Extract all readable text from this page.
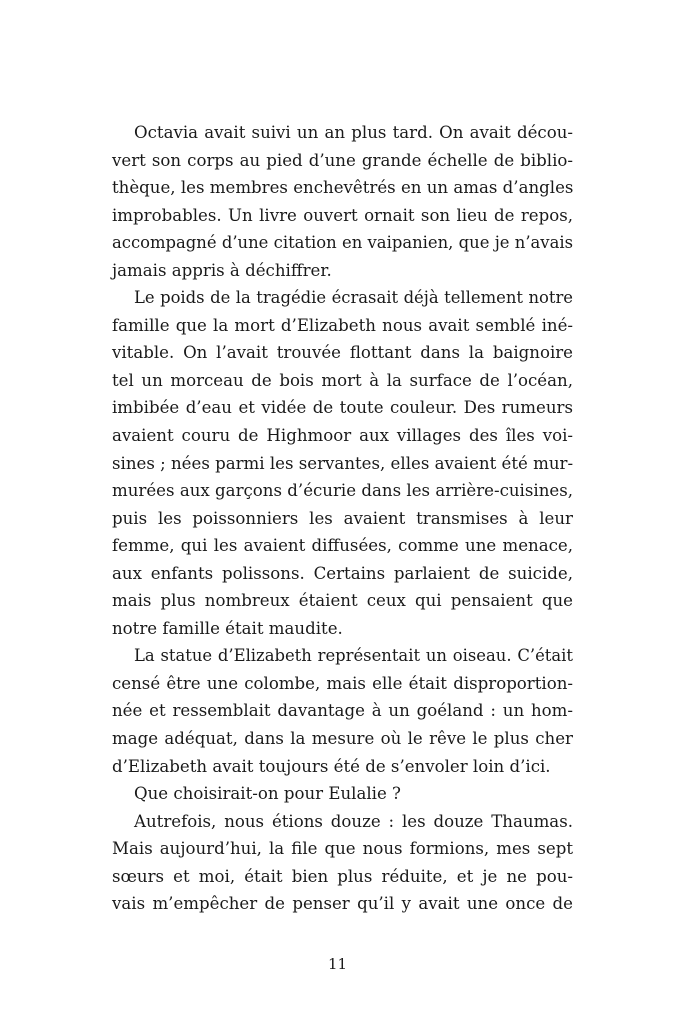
Octavia avait suivi un an plus tard. On avait décou-
vert son corps au pied d’une grande échelle de biblio-
thèque, les membres enchevêtrés en un amas d’angles
improbables. Un livre ouvert ornait son lieu de repos,
accompagné d’une citation en vaipanien, que je n’avais
jamais appris à déchiffrer.
Le poids de la tragédie écrasait déjà tellement notre
famille que la mort d’Elizabeth nous avait semblé iné-
vitable. On l’avait trouvée flottant dans la baignoire
tel un morceau de bois mort à la surface de l’océan,
imbibée d’eau et vidée de toute couleur. Des rumeurs
avaient couru de Highmoor aux villages des îles voi-
sines ; nées parmi les servantes, elles avaient été mur-
murées aux garçons d’écurie dans les arrière-cuisines,
puis les poissonniers les avaient transmises à leur
femme, qui les avaient diffusées, comme une menace,
aux enfants polissons. Certains parlaient de suicide,
mais plus nombreux étaient ceux qui pensaient que
notre famille était maudite.
La statue d’Elizabeth représentait un oiseau. C’était
censé être une colombe, mais elle était disproportion-
née et ressemblait davantage à un goéland : un hom-
mage adéquat, dans la mesure où le rêve le plus cher
d’Elizabeth avait toujours été de s’envoler loin d’ici.
Que choisirait-on pour Eulalie ?
Autrefois, nous étions douze : les douze Thaumas.
Mais aujourd’hui, la file que nous formions, mes sept
sœurs et moi, était bien plus réduite, et je ne pou-
vais m’empêcher de penser qu’il y avait une once de
11
